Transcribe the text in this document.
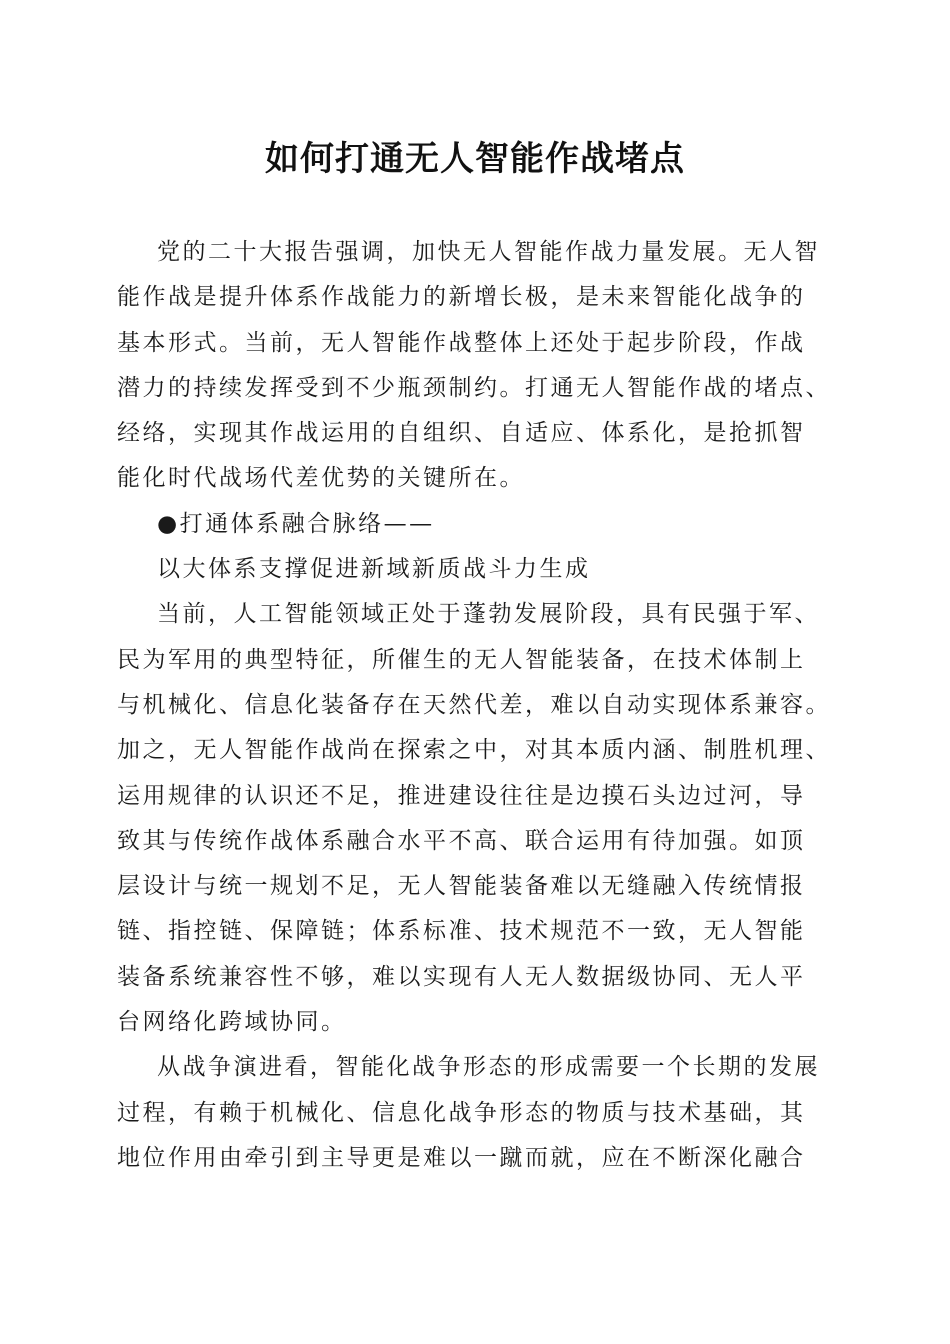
如何打通无人智能作战堵点
党的二十大报告强调，加快无人智能作战力量发展。无人智
能作战是提升体系作战能力的新增长极，是未来智能化战争的
基本形式。当前，无人智能作战整体上还处于起步阶段，作战
潜力的持续发挥受到不少瓶颈制约。打通无人智能作战的堵点、
经络，实现其作战运用的自组织、自适应、体系化，是抢抓智
能化时代战场代差优势的关键所在。
●打通体系融合脉络——
以大体系支撑促进新域新质战斗力生成
当前，人工智能领域正处于蓬勃发展阶段，具有民强于军、
民为军用的典型特征，所催生的无人智能装备，在技术体制上
与机械化、信息化装备存在天然代差，难以自动实现体系兼容。
加之，无人智能作战尚在探索之中，对其本质内涵、制胜机理、
运用规律的认识还不足，推进建设往往是边摸石头边过河，导
致其与传统作战体系融合水平不高、联合运用有待加强。如顶
层设计与统一规划不足，无人智能装备难以无缝融入传统情报
链、指控链、保障链；体系标准、技术规范不一致，无人智能
装备系统兼容性不够，难以实现有人无人数据级协同、无人平
台网络化跨域协同。
从战争演进看，智能化战争形态的形成需要一个长期的发展
过程，有赖于机械化、信息化战争形态的物质与技术基础，其
地位作用由牵引到主导更是难以一蹴而就，应在不断深化融合
